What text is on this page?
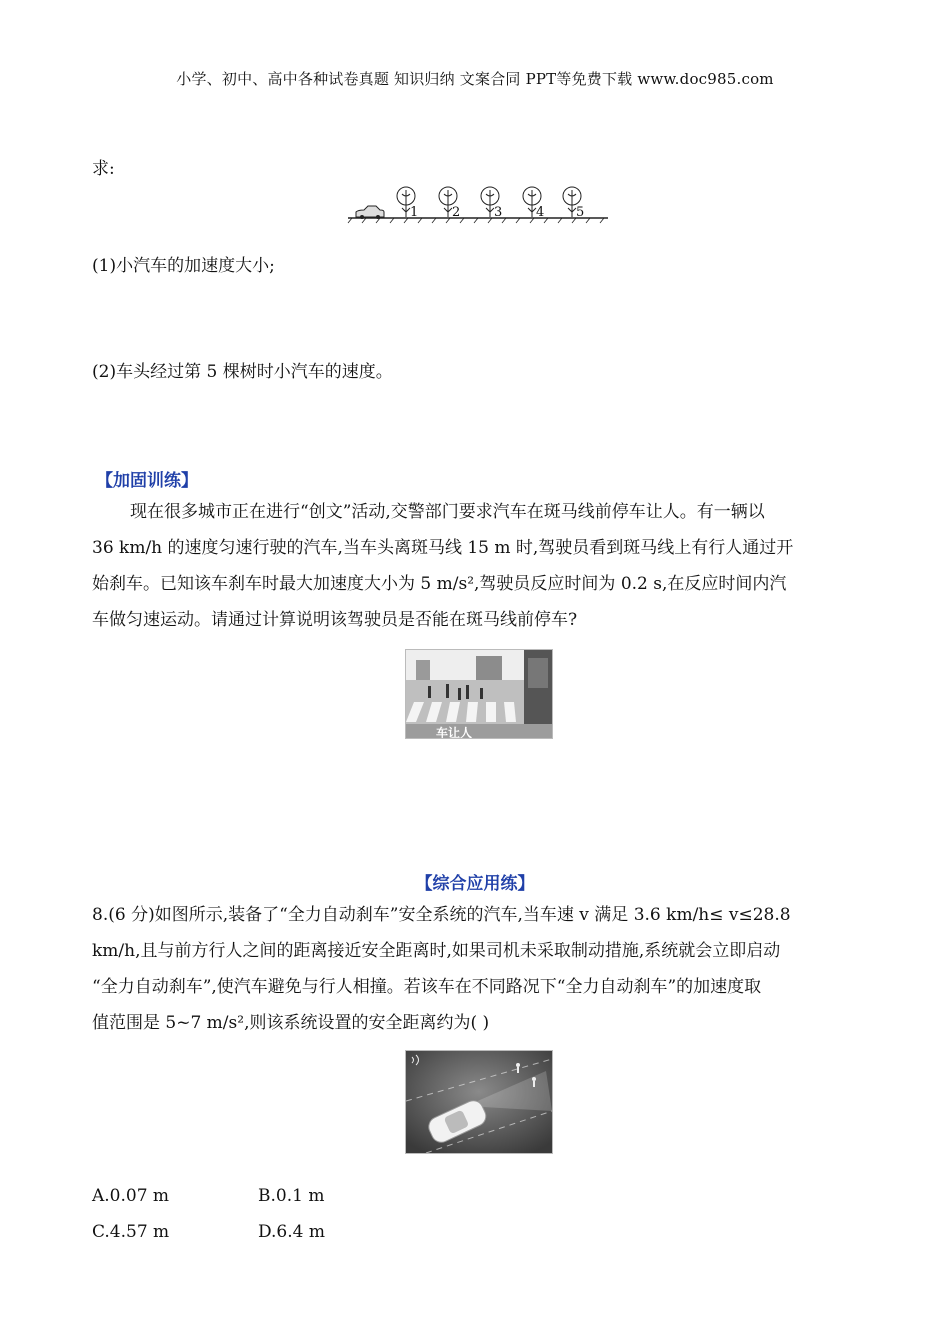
小学、初中、高中各种试卷真题 知识归纳 文案合同 PPT等免费下载 www.doc985.com
求:
1	2	3	4 5
(1)小汽车的加速度大小;
(2)车头经过第 5 棵树时小汽车的速度。
【加固训练】
现在很多城市正在进行“创文”活动,交警部门要求汽车在斑马线前停车让人。有一辆以
36 km/h 的速度匀速行驶的汽车,当车头离斑马线 15 m 时,驾驶员看到斑马线上有行人通过开
始刹车。已知该车刹车时最大加速度大小为 5 m/s²,驾驶员反应时间为 0.2 s,在反应时间内汽
车做匀速运动。请通过计算说明该驾驶员是否能在斑马线前停车?
车让人
【综合应用练】
8.(6 分)如图所示,装备了“全力自动刹车”安全系统的汽车,当车速 v 满足 3.6 km/h≤ v≤28.8
km/h,且与前方行人之间的距离接近安全距离时,如果司机未采取制动措施,系统就会立即启动
“全力自动刹车”,使汽车避免与行人相撞。若该车在不同路况下“全力自动刹车”的加速度取
值范围是 5~7 m/s²,则该系统设置的安全距离约为( )
A.0.07 m	B.0.1 m
C.4.57 m	D.6.4 m
